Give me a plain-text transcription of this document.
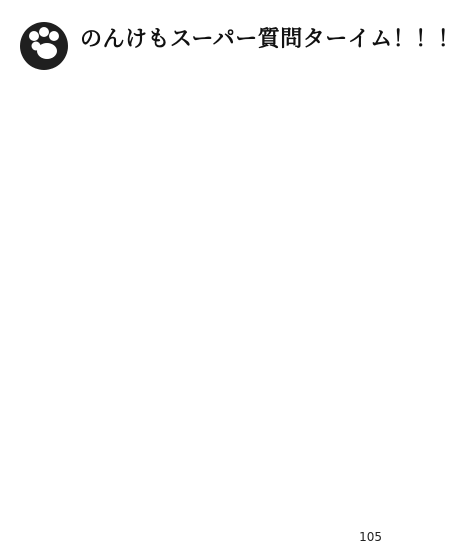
のんけもスーパー質問ターイム！！！
105
